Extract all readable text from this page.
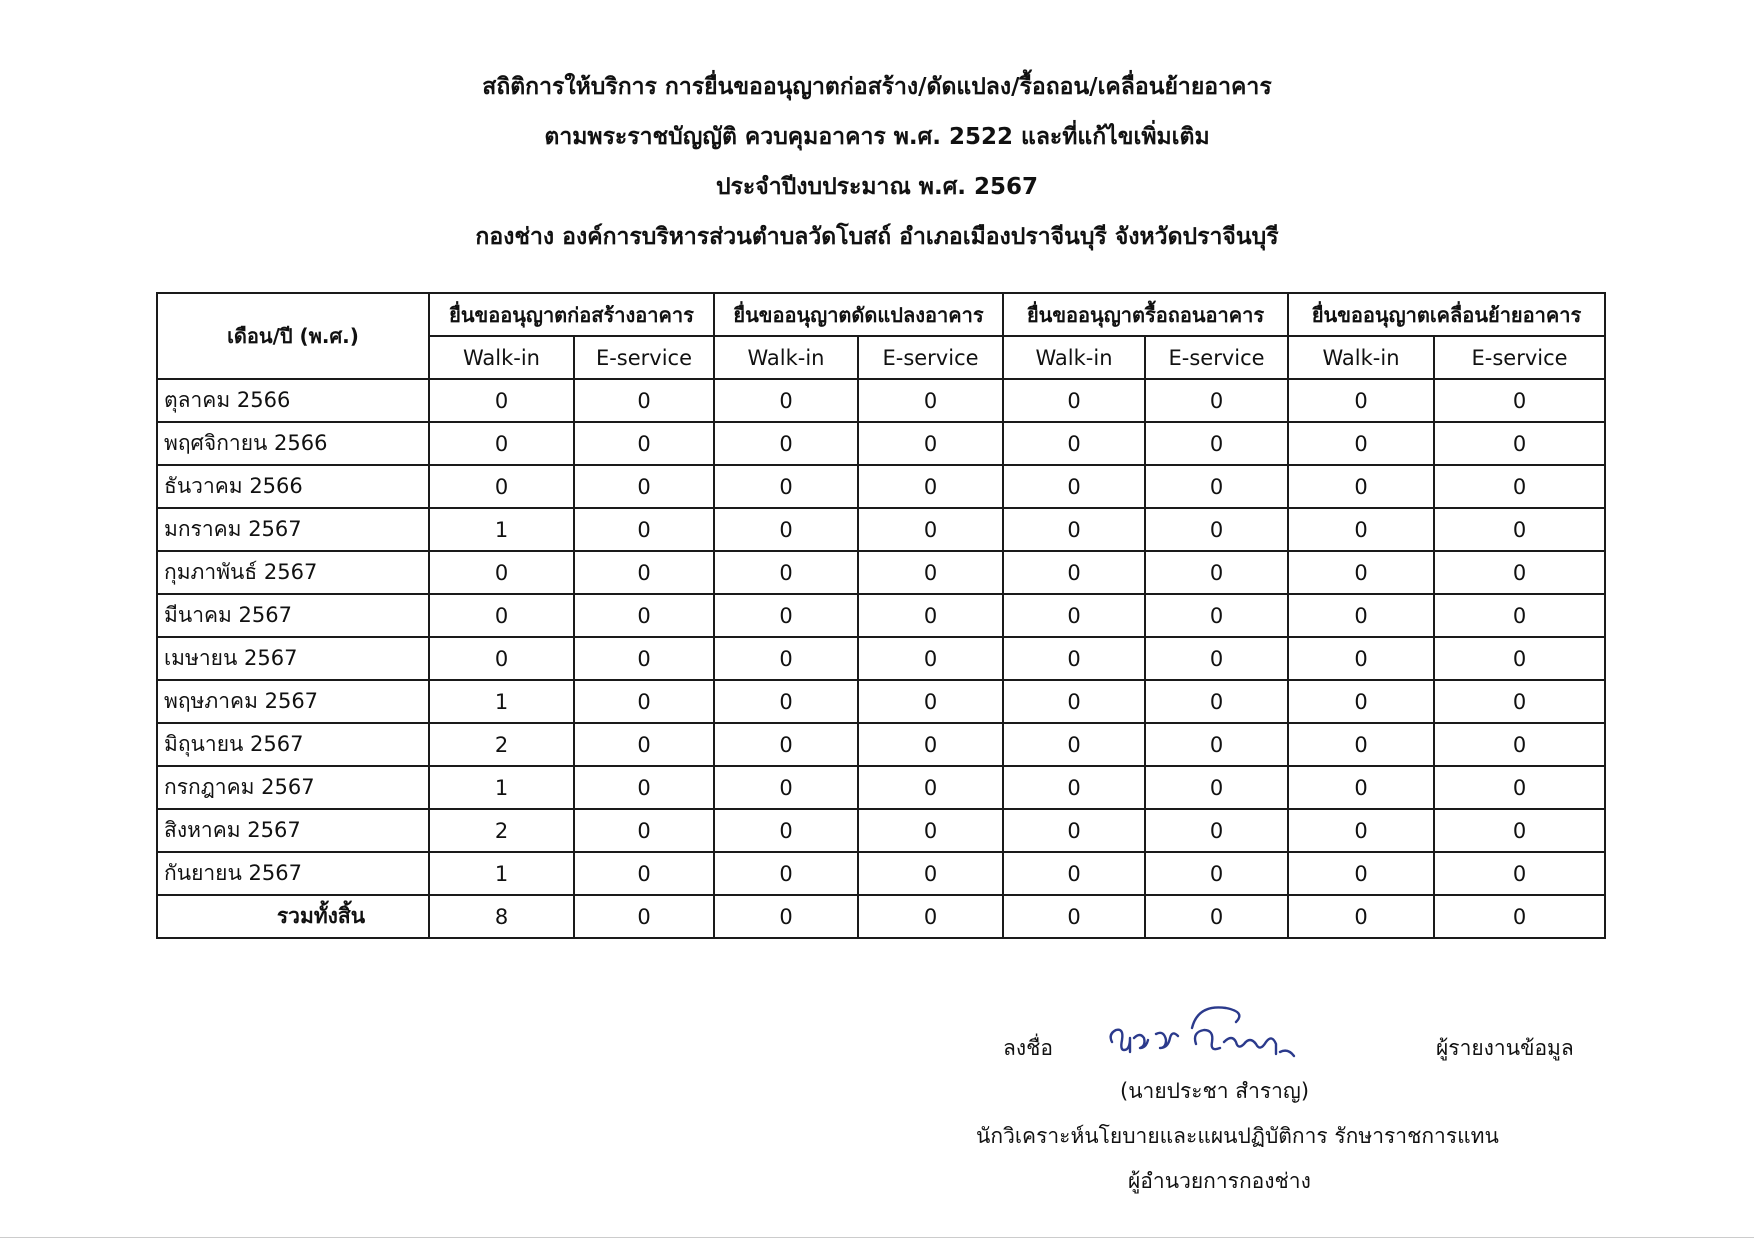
สถิติการให้บริการ การยื่นขออนุญาตก่อสร้าง/ดัดแปลง/รื้อถอน/เคลื่อนย้ายอาคาร
ตามพระราชบัญญัติ ควบคุมอาคาร พ.ศ. 2522 และที่แก้ไขเพิ่มเติม
ประจำปีงบประมาณ พ.ศ. 2567
กองช่าง องค์การบริหารส่วนตำบลวัดโบสถ์ อำเภอเมืองปราจีนบุรี จังหวัดปราจีนบุรี
เดือน/ปี (พ.ศ.)	ยื่นขออนุญาตก่อสร้างอาคาร		ยื่นขออนุญาตดัดแปลงอาคาร		ยื่นขออนุญาตรื้อถอนอาคาร		ยื่นขออนุญาตเคลื่อนย้ายอาคาร	
	Walk-in	E-service	Walk-in	E-service	Walk-in	E-service	Walk-in	E-service
ตุลาคม 2566	0	0	0	0	0	0	0	0
พฤศจิกายน 2566	0	0	0	0	0	0	0	0
ธันวาคม 2566	0	0	0	0	0	0	0	0
มกราคม 2567	1	0	0	0	0	0	0	0
กุมภาพันธ์ 2567	0	0	0	0	0	0	0	0
มีนาคม 2567	0	0	0	0	0	0	0	0
เมษายน 2567	0	0	0	0	0	0	0	0
พฤษภาคม 2567	1	0	0	0	0	0	0	0
มิถุนายน 2567	2	0	0	0	0	0	0	0
กรกฎาคม 2567	1	0	0	0	0	0	0	0
สิงหาคม 2567	2	0	0	0	0	0	0	0
กันยายน 2567	1	0	0	0	0	0	0	0
รวมทั้งสิ้น	8	0	0	0	0	0	0	0
ลงชื่อ	ผู้รายงานข้อมูล
(นายประชา สำราญ)
นักวิเคราะห์นโยบายและแผนปฏิบัติการ รักษาราชการแทน
ผู้อำนวยการกองช่าง
